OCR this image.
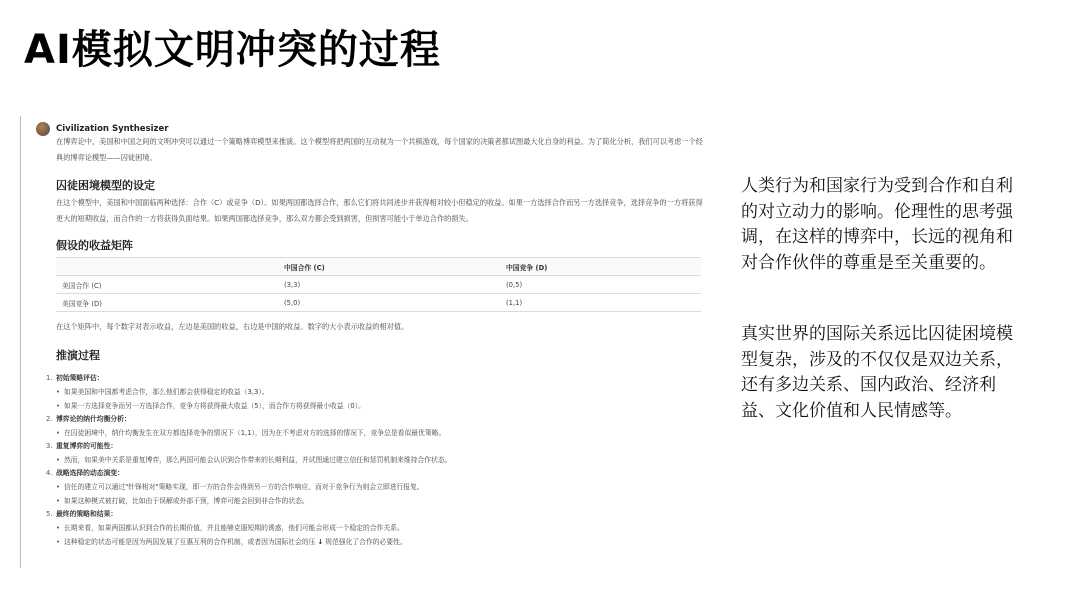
AI模拟文明冲突的过程
Civilization Synthesizer
在博弈论中，美国和中国之间的文明冲突可以通过一个策略博弈模型来推演。这个模型将把两国的互动视为一个共棋游戏，每个国家的决策者都试图最大化自身的利益。为了简化分析，我们可以考虑一个经典的博弈论模型——囚徒困境。
囚徒困境模型的设定
在这个模型中，美国和中国面临两种选择：合作（C）或竞争（D）。如果两国都选择合作，那么它们将共同进步并获得相对较小但稳定的收益。如果一方选择合作而另一方选择竞争，选择竞争的一方将获得更大的短期收益，而合作的一方将获得负面结果。如果两国都选择竞争，那么双方都会受到损害，但损害可能小于单边合作的损失。
假设的收益矩阵
	中国合作 (C)	中国竞争 (D)
美国合作 (C)	(3,3)	(0,5)
美国竞争 (D)	(5,0)	(1,1)
在这个矩阵中，每个数字对表示收益，左边是美国的收益，右边是中国的收益。数字的大小表示收益的相对值。
推演过程
1. 初始策略评估：
• 如果美国和中国都考虑合作，那么他们都会获得稳定的收益（3,3）。
• 如果一方选择竞争而另一方选择合作，竞争方将获得最大收益（5），而合作方将获得最小收益（0）。
2. 博弈论的纳什均衡分析：
• 在囚徒困境中，纳什均衡发生在双方都选择竞争的情况下（1,1），因为在不考虑对方的选择的情况下，竞争总是看似最优策略。
3. 重复博弈的可能性：
• 然而，如果美中关系是重复博弈，那么两国可能会认识到合作带来的长期利益，并试图通过建立信任和惩罚机制来维持合作状态。
4. 战略选择的动态演变：
• 信任的建立可以通过"针锋相对"策略实现，即一方的合作会得到另一方的合作响应，而对于竞争行为则会立即进行报复。
• 如果这种模式被打破，比如由于误解或外部干预，博弈可能会回到非合作的状态。
5. 最终的策略和结果：
• 长期来看，如果两国都认识到合作的长期价值，并且能够克服短期的诱惑，他们可能会形成一个稳定的合作关系。
• 这种稳定的状态可能是因为两国发展了互惠互利的合作机制，或者因为国际社会的压 ↓ 规范强化了合作的必要性。
人类行为和国家行为受到合作和自利的对立动力的影响。伦理性的思考强调，在这样的博弈中，长远的视角和对合作伙伴的尊重是至关重要的。
真实世界的国际关系远比囚徒困境模型复杂，涉及的不仅仅是双边关系，还有多边关系、国内政治、经济利益、文化价值和人民情感等。
